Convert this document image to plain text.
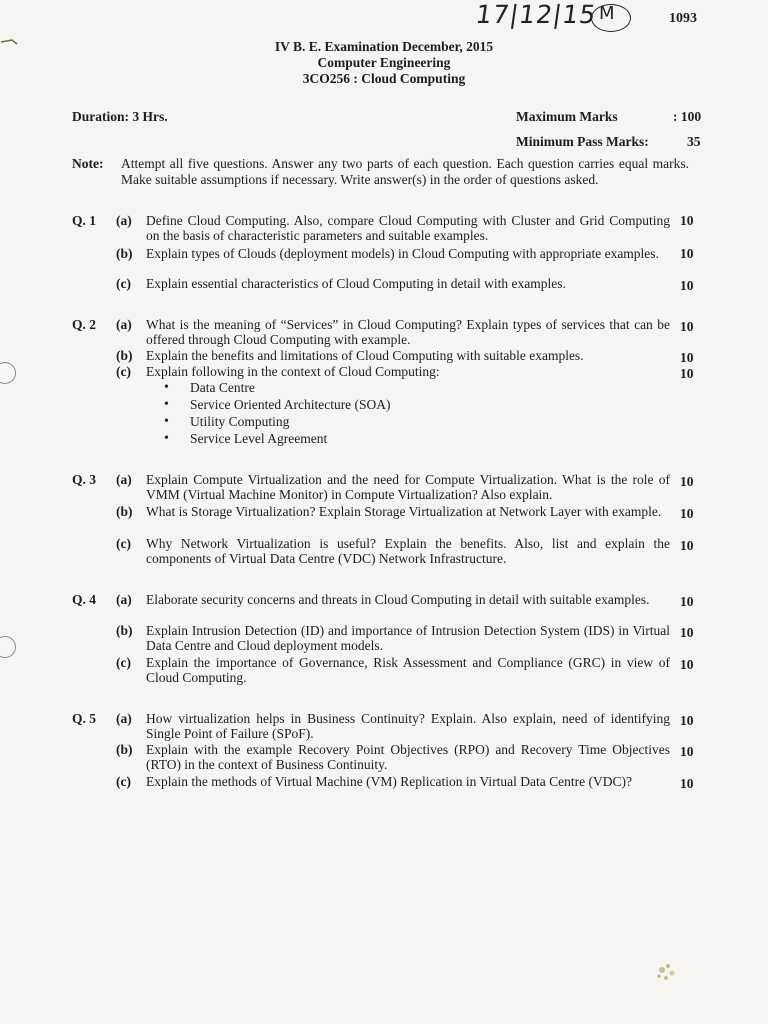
17|12|15 M	1093
IV B. E. Examination December, 2015
Computer Engineering
3CO256 : Cloud Computing
Duration: 3 Hrs.	Maximum Marks	: 100
Minimum Pass Marks:	35
Note: Attempt all five questions. Answer any two parts of each question. Each question carries equal marks. Make suitable assumptions if necessary. Write answer(s) in the order of questions asked.
Q. 1 (a) Define Cloud Computing. Also, compare Cloud Computing with Cluster and Grid Computing on the basis of characteristic parameters and suitable examples.
10
(b) Explain types of Clouds (deployment models) in Cloud Computing with appropriate examples.	10
(c) Explain essential characteristics of Cloud Computing in detail with examples.	10
Q. 2 (a) What is the meaning of “Services” in Cloud Computing? Explain types of services that can be offered through Cloud Computing with example.
10
(b) Explain the benefits and limitations of Cloud Computing with suitable examples.	10
(c) Explain following in the context of Cloud Computing:	10
Data Centre
Service Oriented Architecture (SOA)
Utility Computing
Service Level Agreement
Q. 3 (a) Explain Compute Virtualization and the need for Compute Virtualization. What is the role of VMM (Virtual Machine Monitor) in Compute Virtualization? Also explain.
10
(b) What is Storage Virtualization? Explain Storage Virtualization at Network Layer with example.	10
(c) Why Network Virtualization is useful? Explain the benefits. Also, list and explain the components of Virtual Data Centre (VDC) Network Infrastructure.
10
Q. 4 (a) Elaborate security concerns and threats in Cloud Computing in detail with suitable examples.	10
(b) Explain Intrusion Detection (ID) and importance of Intrusion Detection System (IDS) in Virtual Data Centre and Cloud deployment models.
10
(c) Explain the importance of Governance, Risk Assessment and Compliance (GRC) in view of Cloud Computing.
10
Q. 5 (a) How virtualization helps in Business Continuity? Explain. Also explain, need of identifying Single Point of Failure (SPoF).
10
(b) Explain with the example Recovery Point Objectives (RPO) and Recovery Time Objectives (RTO) in the context of Business Continuity.
10
(c) Explain the methods of Virtual Machine (VM) Replication in Virtual Data Centre (VDC)?	10
